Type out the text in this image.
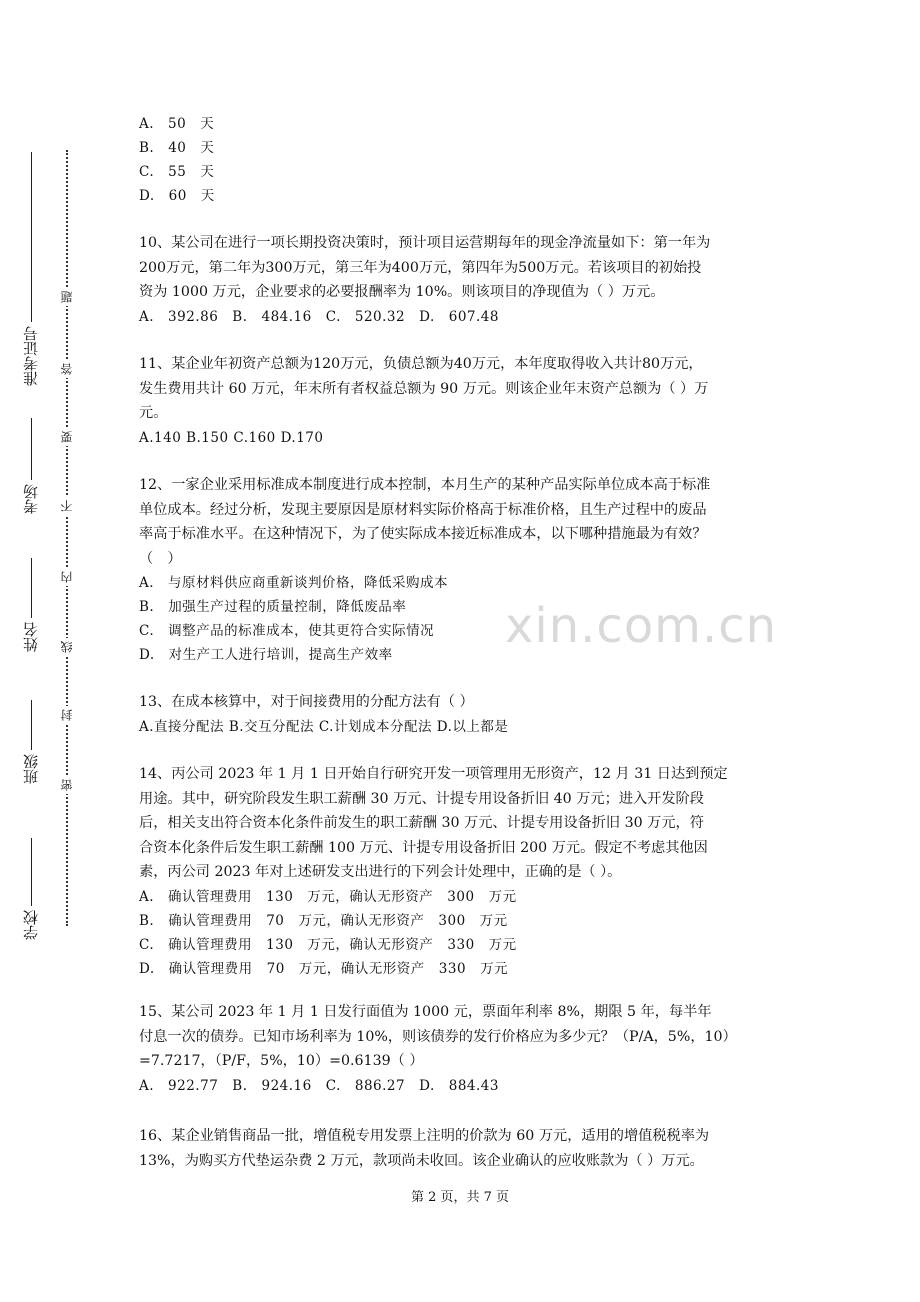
准考证号
考场
姓名
班级
学校
题
答
要
不
内
线
封
密
A.　50　天
B.　40　天
C.　55　天
D.　60　天
10、某公司在进行一项长期投资决策时，预计项目运营期每年的现金净流量如下：第一年为
200万元，第二年为300万元，第三年为400万元，第四年为500万元。若该项目的初始投
资为 1000 万元，企业要求的必要报酬率为 10%。则该项目的净现值为（ ）万元。
A.　392.86　B.　484.16　C.　520.32　D.　607.48
11、某企业年初资产总额为120万元，负债总额为40万元，本年度取得收入共计80万元，
发生费用共计 60 万元，年末所有者权益总额为 90 万元。则该企业年末资产总额为（ ）万
元。
A.140 B.150 C.160 D.170
12、一家企业采用标准成本制度进行成本控制，本月生产的某种产品实际单位成本高于标准
单位成本。经过分析，发现主要原因是原材料实际价格高于标准价格，且生产过程中的废品
率高于标准水平。在这种情况下，为了使实际成本接近标准成本，以下哪种措施最为有效？
（　）
A.　与原材料供应商重新谈判价格，降低采购成本
B.　加强生产过程的质量控制，降低废品率
C.　调整产品的标准成本，使其更符合实际情况
D.　对生产工人进行培训，提高生产效率
13、在成本核算中，对于间接费用的分配方法有（ ）
A.直接分配法 B.交互分配法 C.计划成本分配法 D.以上都是
14、丙公司 2023 年 1 月 1 日开始自行研究开发一项管理用无形资产，12 月 31 日达到预定
用途。其中，研究阶段发生职工薪酬 30 万元、计提专用设备折旧 40 万元；进入开发阶段
后，相关支出符合资本化条件前发生的职工薪酬 30 万元、计提专用设备折旧 30 万元，符
合资本化条件后发生职工薪酬 100 万元、计提专用设备折旧 200 万元。假定不考虑其他因
素，丙公司 2023 年对上述研发支出进行的下列会计处理中，正确的是（ ）。
A.　确认管理费用　130　万元，确认无形资产　300　万元
B.　确认管理费用　70　万元，确认无形资产　300　万元
C.　确认管理费用　130　万元，确认无形资产　330　万元
D.　确认管理费用　70　万元，确认无形资产　330　万元
15、某公司 2023 年 1 月 1 日发行面值为 1000 元，票面年利率 8%，期限 5 年，每半年
付息一次的债券。已知市场利率为 10%，则该债券的发行价格应为多少元？（P/A，5%，10）
=7.7217，（P/F，5%，10）=0.6139（ ）
A.　922.77　B.　924.16　C.　886.27　D.　884.43
16、某企业销售商品一批，增值税专用发票上注明的价款为 60 万元，适用的增值税税率为
13%，为购买方代垫运杂费 2 万元，款项尚未收回。该企业确认的应收账款为（ ）万元。
xin.com.cn
第 2 页，共 7 页
